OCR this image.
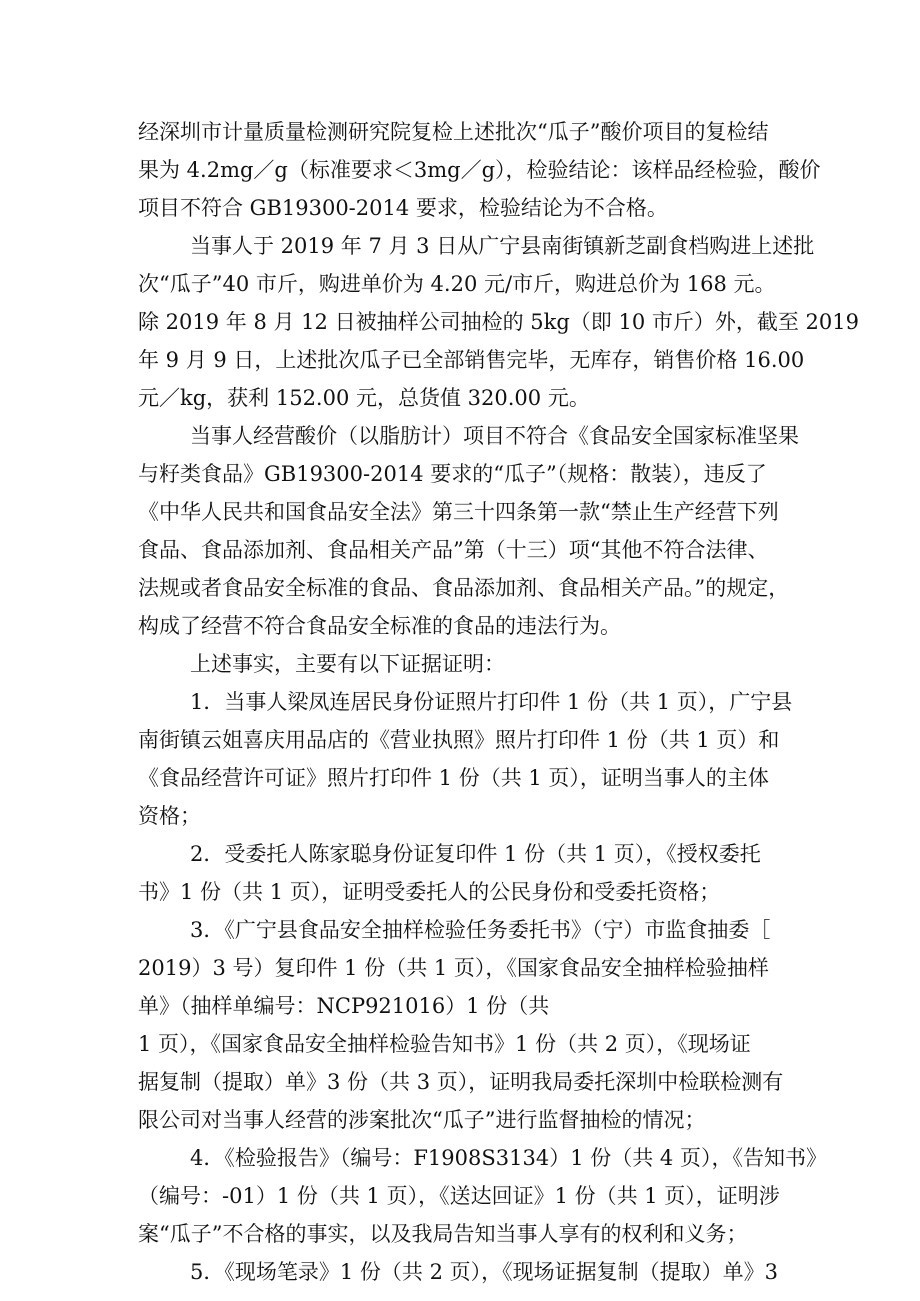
经深圳市计量质量检测研究院复检上述批次“瓜子”酸价项目的复检结
果为 4.2mg／g（标准要求＜3mg／g），检验结论：该样品经检验，酸价
项目不符合 GB19300-2014 要求，检验结论为不合格。
当事人于 2019 年 7 月 3 日从广宁县南街镇新芝副食档购进上述批
次“瓜子”40 市斤，购进单价为 4.20 元/市斤，购进总价为 168 元。
除 2019 年 8 月 12 日被抽样公司抽检的 5kg（即 10 市斤）外，截至 2019
年 9 月 9 日，上述批次瓜子已全部销售完毕，无库存，销售价格 16.00
元／kg，获利 152.00 元，总货值 320.00 元。
当事人经营酸价（以脂肪计）项目不符合《食品安全国家标准坚果
与籽类食品》GB19300-2014 要求的“瓜子”（规格：散装），违反了
《中华人民共和国食品安全法》第三十四条第一款“禁止生产经营下列
食品、食品添加剂、食品相关产品”第（十三）项“其他不符合法律、
法规或者食品安全标准的食品、食品添加剂、食品相关产品。”的规定，
构成了经营不符合食品安全标准的食品的违法行为。
上述事实，主要有以下证据证明：
1．当事人梁凤连居民身份证照片打印件 1 份（共 1 页），广宁县
南街镇云姐喜庆用品店的《营业执照》照片打印件 1 份（共 1 页）和
《食品经营许可证》照片打印件 1 份（共 1 页），证明当事人的主体
资格；
2．受委托人陈家聪身份证复印件 1 份（共 1 页），《授权委托
书》1 份（共 1 页），证明受委托人的公民身份和受委托资格；
3．《广宁县食品安全抽样检验任务委托书》（宁）市监食抽委［
2019）3 号）复印件 1 份（共 1 页），《国家食品安全抽样检验抽样
单》（抽样单编号：NCP921016）1 份（共
1 页），《国家食品安全抽样检验告知书》1 份（共 2 页），《现场证
据复制（提取）单》3 份（共 3 页），证明我局委托深圳中检联检测有
限公司对当事人经营的涉案批次“瓜子”进行监督抽检的情况；
4．《检验报告》（编号：F1908S3134）1 份（共 4 页），《告知书》
（编号：-01）1 份（共 1 页），《送达回证》1 份（共 1 页），证明涉
案“瓜子”不合格的事实，以及我局告知当事人享有的权利和义务；
5．《现场笔录》1 份（共 2 页），《现场证据复制（提取）单》3
